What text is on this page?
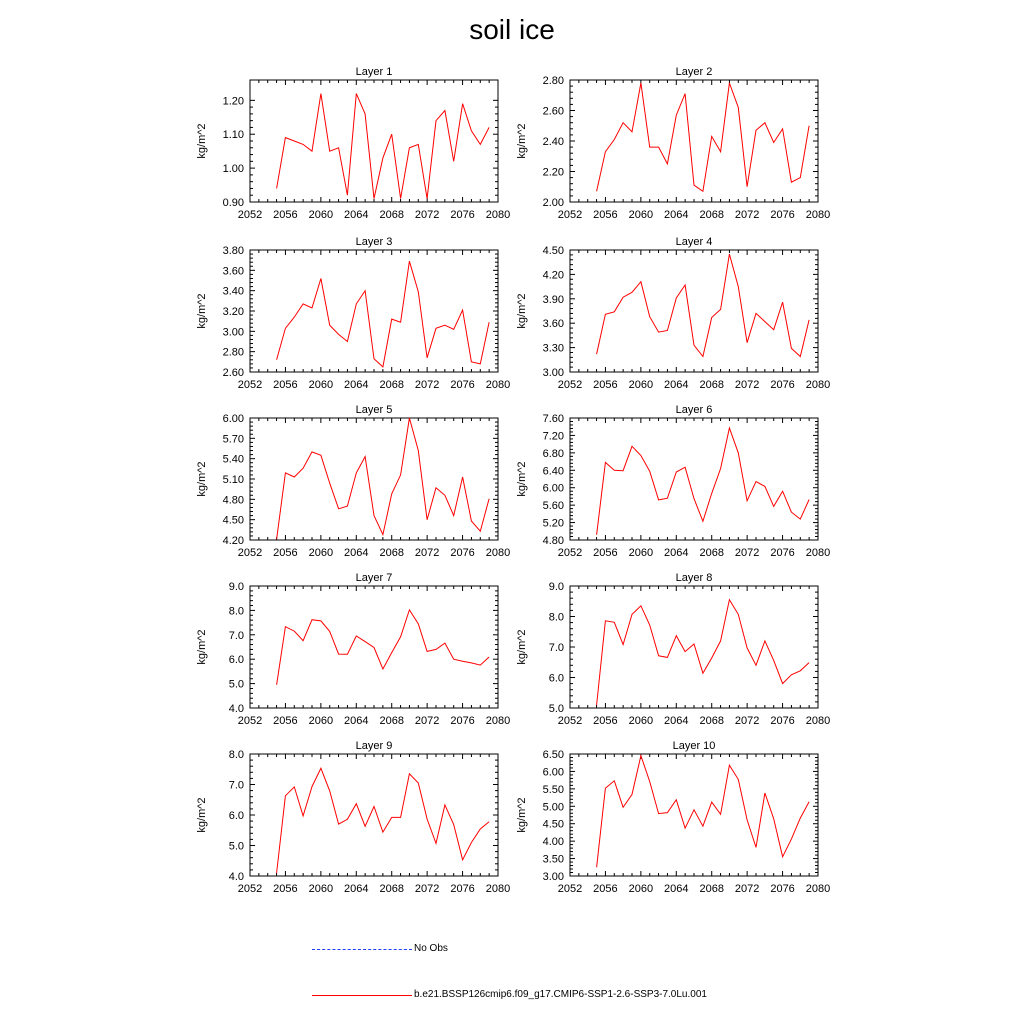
soil ice
Layer 1
kg/m^2
2052 2056 2060 2064 2068 2072 2076 2080
0.90
1.00
1.10
1.20
Layer 2
kg/m^2
2052 2056 2060 2064 2068 2072 2076 2080
2.00
2.20
2.40
2.60
2.80
Layer 3
kg/m^2
2052 2056 2060 2064 2068 2072 2076 2080
2.60
2.80
3.00
3.20
3.40
3.60
3.80
Layer 4
kg/m^2
2052 2056 2060 2064 2068 2072 2076 2080
3.00
3.30
3.60
3.90
4.20
4.50
Layer 5
kg/m^2
2052 2056 2060 2064 2068 2072 2076 2080
4.20
4.50
4.80
5.10
5.40
5.70
6.00
Layer 6
kg/m^2
2052 2056 2060 2064 2068 2072 2076 2080
4.80
5.20
5.60
6.00
6.40
6.80
7.20
7.60
Layer 7
kg/m^2
2052 2056 2060 2064 2068 2072 2076 2080
4.0
5.0
6.0
7.0
8.0
9.0
Layer 8
kg/m^2
2052 2056 2060 2064 2068 2072 2076 2080
5.0
6.0
7.0
8.0
9.0
Layer 9
kg/m^2
2052 2056 2060 2064 2068 2072 2076 2080
4.0
5.0
6.0
7.0
8.0
Layer 10
kg/m^2
2052 2056 2060 2064 2068 2072 2076 2080
3.00
3.50
4.00
4.50
5.00
5.50
6.00
6.50
No Obs
b.e21.BSSP126cmip6.f09_g17.CMIP6-SSP1-2.6-SSP3-7.0Lu.001
